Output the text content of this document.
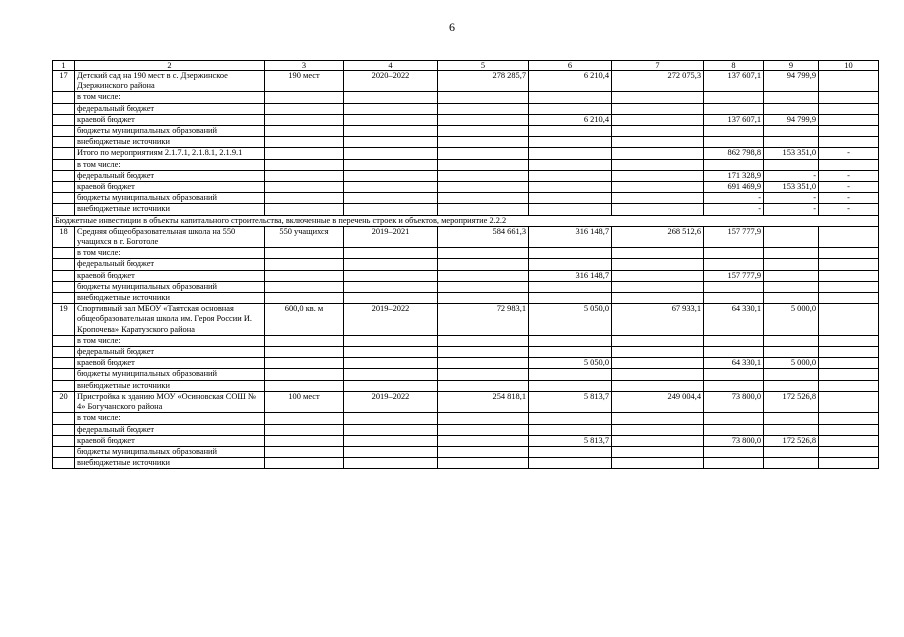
6
1	2	3	4	5	6	7	8	9	10
17	Детский сад на 190 мест в с. Дзержинское Дзержинского района	190 мест	2020–2022	278 285,7	6 210,4	272 075,3	137 607,1	94 799,9	
	в том числе:								
	федеральный бюджет								
	краевой бюджет				6 210,4		137 607,1	94 799,9	
	бюджеты муниципальных образований								
	внебюджетные источники								
	Итого по мероприятиям 2.1.7.1, 2.1.8.1, 2.1.9.1						862 798,8	153 351,0	-
	в том числе:								
	федеральный бюджет						171 328,9	-	-
	краевой бюджет						691 469,9	153 351,0	-
	бюджеты муниципальных образований						-	-	-
	внебюджетные источники						-	-	-
Бюджетные инвестиции в объекты капитального строительства, включенные в перечень строек и объектов, мероприятие 2.2.2									
18	Средняя общеобразовательная школа на 550 учащихся в г. Боготоле	550 учащихся	2019–2021	584 661,3	316 148,7	268 512,6	157 777,9		
	в том числе:								
	федеральный бюджет								
	краевой бюджет				316 148,7		157 777,9		
	бюджеты муниципальных образований								
	внебюджетные источники								
19	Спортивный зал МБОУ «Таятская основная общеобразовательная школа им. Героя России И. Кропочева» Каратузского района	600,0 кв. м	2019–2022	72 983,1	5 050,0	67 933,1	64 330,1	5 000,0	
	в том числе:								
	федеральный бюджет								
	краевой бюджет				5 050,0		64 330,1	5 000,0	
	бюджеты муниципальных образований								
	внебюджетные источники								
20	Пристройка к зданию МОУ «Осиновская СОШ № 4» Богучанского района	100 мест	2019–2022	254 818,1	5 813,7	249 004,4	73 800,0	172 526,8	
	в том числе:								
	федеральный бюджет								
	краевой бюджет				5 813,7		73 800,0	172 526,8	
	бюджеты муниципальных образований								
	внебюджетные источники								
